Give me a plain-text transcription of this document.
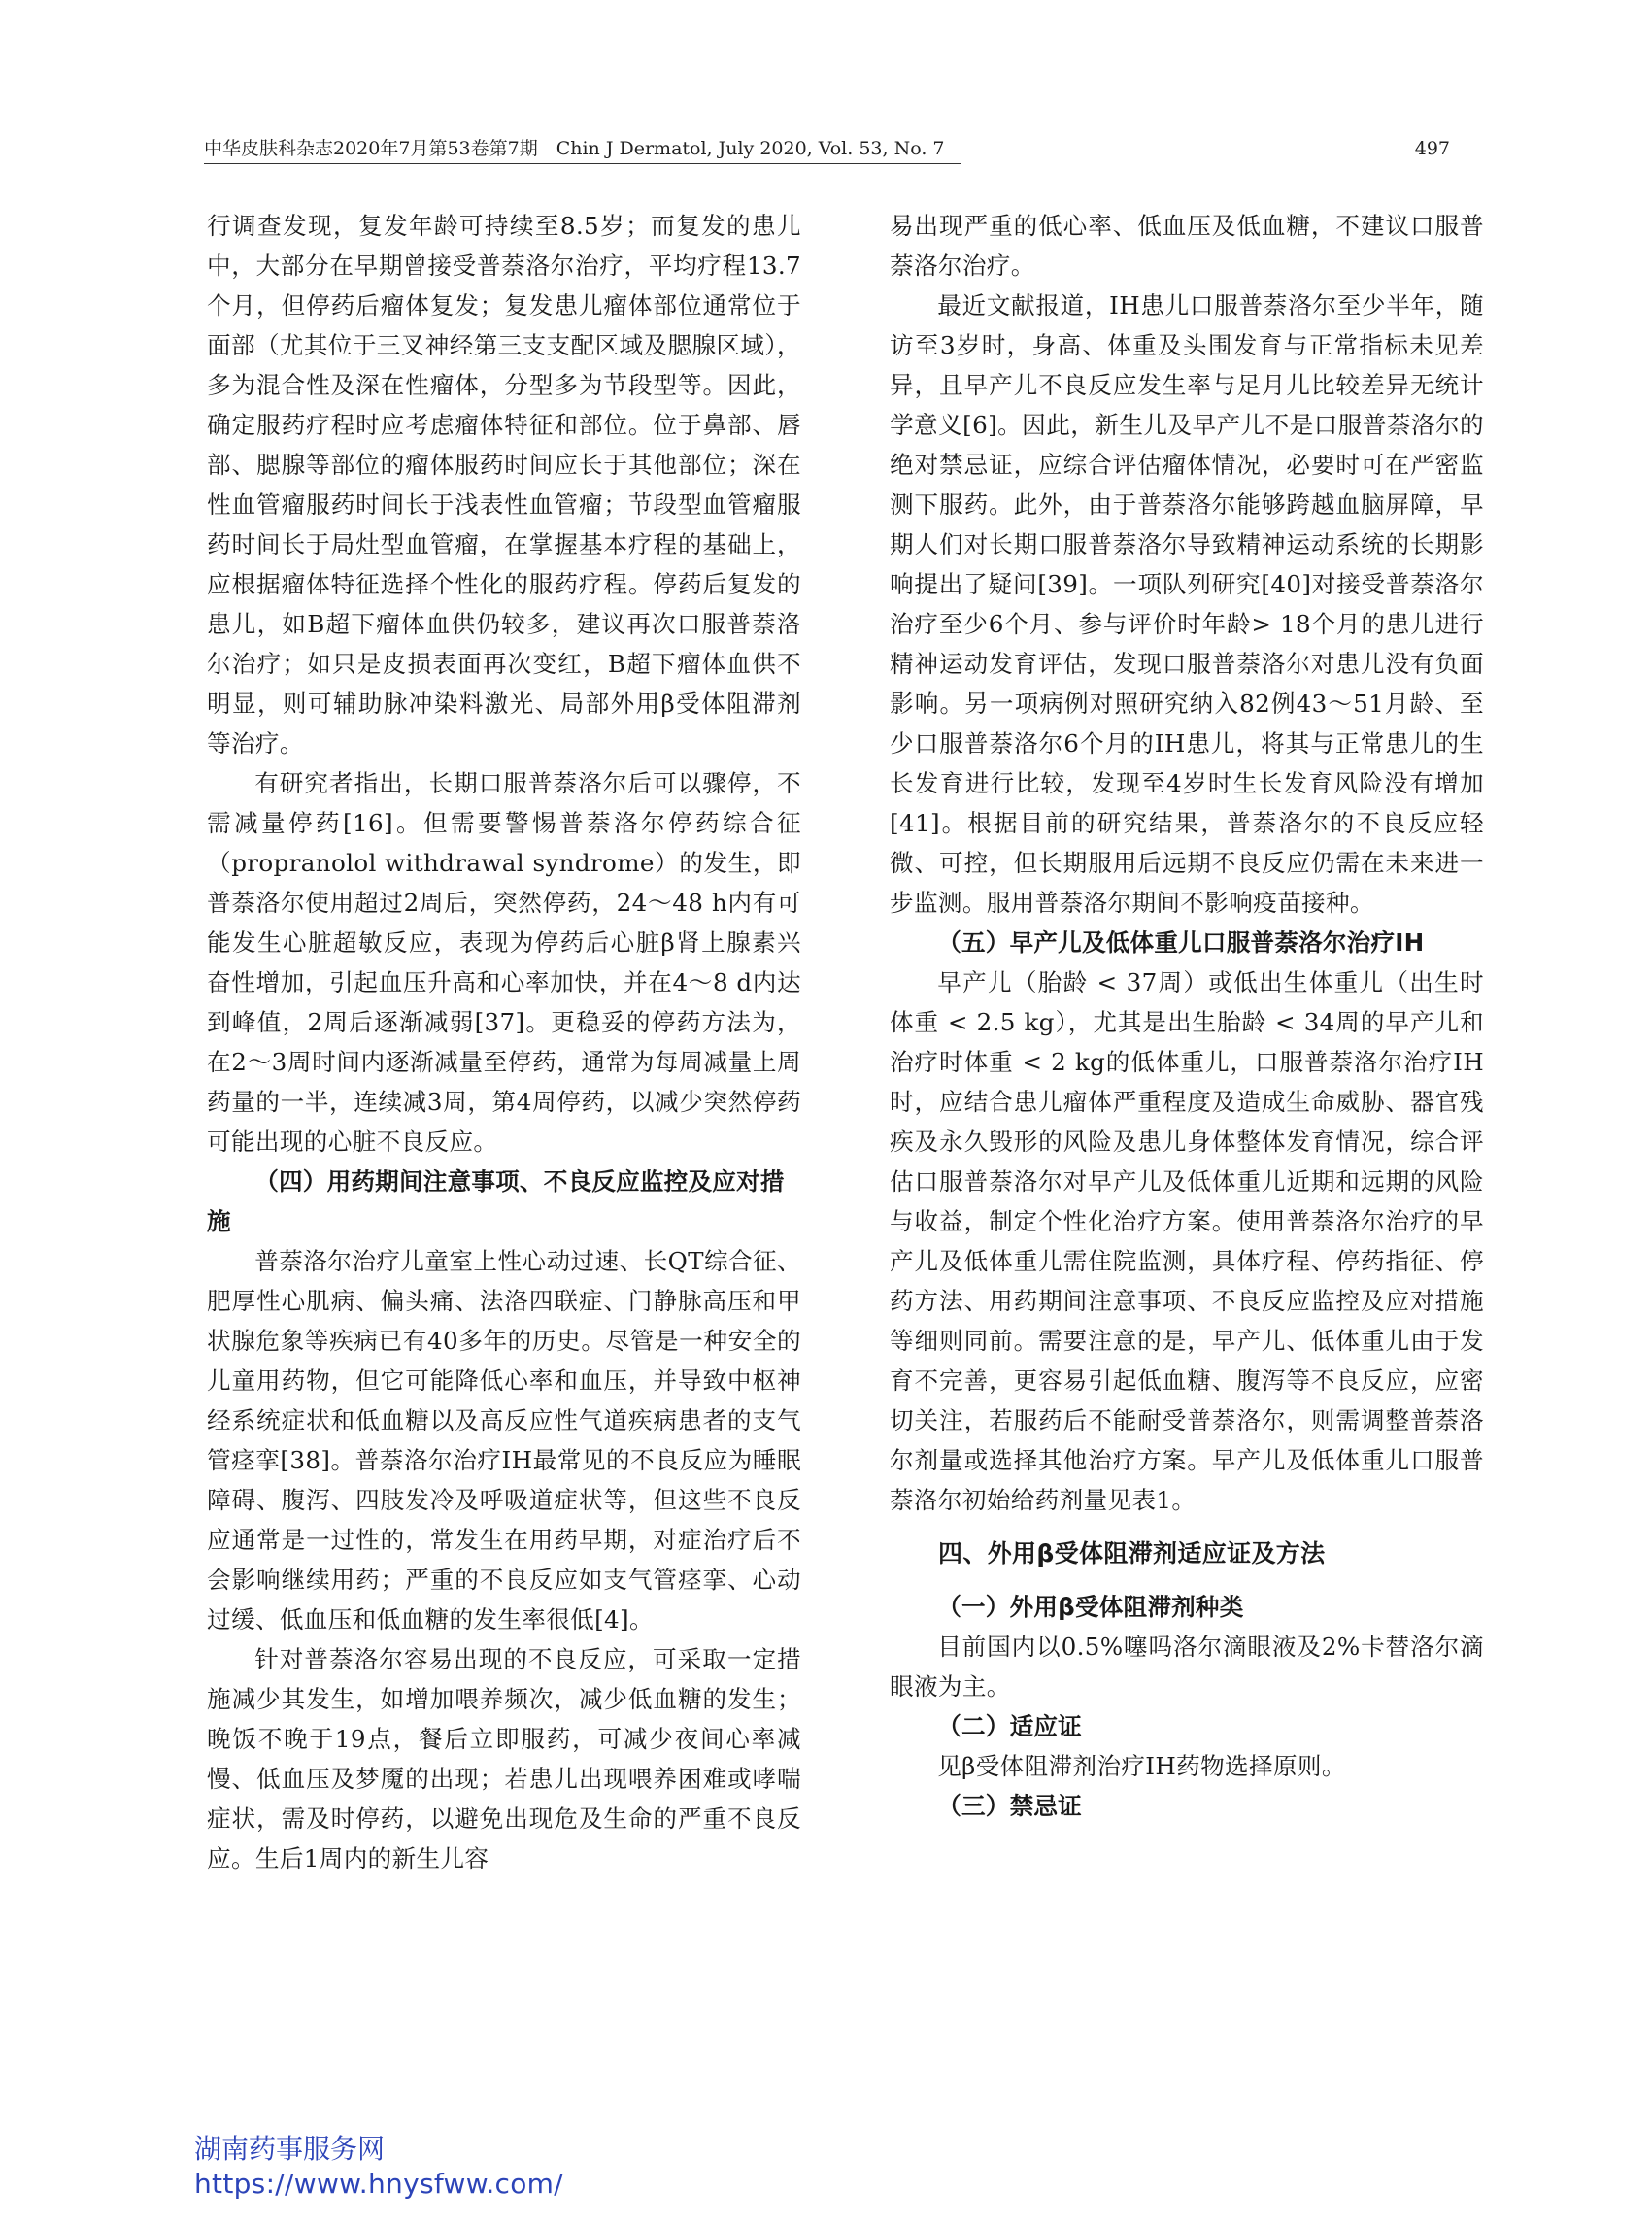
中华皮肤科杂志2020年7月第53卷第7期　Chin J Dermatol, July 2020, Vol. 53, No. 7	497

行调查发现，复发年龄可持续至8.5岁；而复发的患儿中，大部分在早期曾接受普萘洛尔治疗，平均疗程13.7个月，但停药后瘤体复发；复发患儿瘤体部位通常位于面部（尤其位于三叉神经第三支支配区域及腮腺区域），多为混合性及深在性瘤体，分型多为节段型等。因此，确定服药疗程时应考虑瘤体特征和部位。位于鼻部、唇部、腮腺等部位的瘤体服药时间应长于其他部位；深在性血管瘤服药时间长于浅表性血管瘤；节段型血管瘤服药时间长于局灶型血管瘤，在掌握基本疗程的基础上，应根据瘤体特征选择个性化的服药疗程。停药后复发的患儿，如B超下瘤体血供仍较多，建议再次口服普萘洛尔治疗；如只是皮损表面再次变红，B超下瘤体血供不明显，则可辅助脉冲染料激光、局部外用β受体阻滞剂等治疗。

有研究者指出，长期口服普萘洛尔后可以骤停，不需减量停药[16]。但需要警惕普萘洛尔停药综合征（propranolol withdrawal syndrome）的发生，即普萘洛尔使用超过2周后，突然停药，24～48 h内有可能发生心脏超敏反应，表现为停药后心脏β肾上腺素兴奋性增加，引起血压升高和心率加快，并在4～8 d内达到峰值，2周后逐渐减弱[37]。更稳妥的停药方法为，在2～3周时间内逐渐减量至停药，通常为每周减量上周药量的一半，连续减3周，第4周停药，以减少突然停药可能出现的心脏不良反应。

（四）用药期间注意事项、不良反应监控及应对措施

普萘洛尔治疗儿童室上性心动过速、长QT综合征、肥厚性心肌病、偏头痛、法洛四联症、门静脉高压和甲状腺危象等疾病已有40多年的历史。尽管是一种安全的儿童用药物，但它可能降低心率和血压，并导致中枢神经系统症状和低血糖以及高反应性气道疾病患者的支气管痉挛[38]。普萘洛尔治疗IH最常见的不良反应为睡眠障碍、腹泻、四肢发冷及呼吸道症状等，但这些不良反应通常是一过性的，常发生在用药早期，对症治疗后不会影响继续用药；严重的不良反应如支气管痉挛、心动过缓、低血压和低血糖的发生率很低[4]。

针对普萘洛尔容易出现的不良反应，可采取一定措施减少其发生，如增加喂养频次，减少低血糖的发生；晚饭不晚于19点，餐后立即服药，可减少夜间心率减慢、低血压及梦魇的出现；若患儿出现喂养困难或哮喘症状，需及时停药，以避免出现危及生命的严重不良反应。生后1周内的新生儿容

易出现严重的低心率、低血压及低血糖，不建议口服普萘洛尔治疗。

最近文献报道，IH患儿口服普萘洛尔至少半年，随访至3岁时，身高、体重及头围发育与正常指标未见差异，且早产儿不良反应发生率与足月儿比较差异无统计学意义[6]。因此，新生儿及早产儿不是口服普萘洛尔的绝对禁忌证，应综合评估瘤体情况，必要时可在严密监测下服药。此外，由于普萘洛尔能够跨越血脑屏障，早期人们对长期口服普萘洛尔导致精神运动系统的长期影响提出了疑问[39]。一项队列研究[40]对接受普萘洛尔治疗至少6个月、参与评价时年龄> 18个月的患儿进行精神运动发育评估，发现口服普萘洛尔对患儿没有负面影响。另一项病例对照研究纳入82例43～51月龄、至少口服普萘洛尔6个月的IH患儿，将其与正常患儿的生长发育进行比较，发现至4岁时生长发育风险没有增加[41]。根据目前的研究结果，普萘洛尔的不良反应轻微、可控，但长期服用后远期不良反应仍需在未来进一步监测。服用普萘洛尔期间不影响疫苗接种。

（五）早产儿及低体重儿口服普萘洛尔治疗IH

早产儿（胎龄 < 37周）或低出生体重儿（出生时体重 < 2.5 kg），尤其是出生胎龄 < 34周的早产儿和治疗时体重 < 2 kg的低体重儿，口服普萘洛尔治疗IH时，应结合患儿瘤体严重程度及造成生命威胁、器官残疾及永久毁形的风险及患儿身体整体发育情况，综合评估口服普萘洛尔对早产儿及低体重儿近期和远期的风险与收益，制定个性化治疗方案。使用普萘洛尔治疗的早产儿及低体重儿需住院监测，具体疗程、停药指征、停药方法、用药期间注意事项、不良反应监控及应对措施等细则同前。需要注意的是，早产儿、低体重儿由于发育不完善，更容易引起低血糖、腹泻等不良反应，应密切关注，若服药后不能耐受普萘洛尔，则需调整普萘洛尔剂量或选择其他治疗方案。早产儿及低体重儿口服普萘洛尔初始给药剂量见表1。

四、外用β受体阻滞剂适应证及方法
（一）外用β受体阻滞剂种类

目前国内以0.5%噻吗洛尔滴眼液及2%卡替洛尔滴眼液为主。

（二）适应证

见β受体阻滞剂治疗IH药物选择原则。

（三）禁忌证
湖南药事服务网
https://www.hnysfww.com/
